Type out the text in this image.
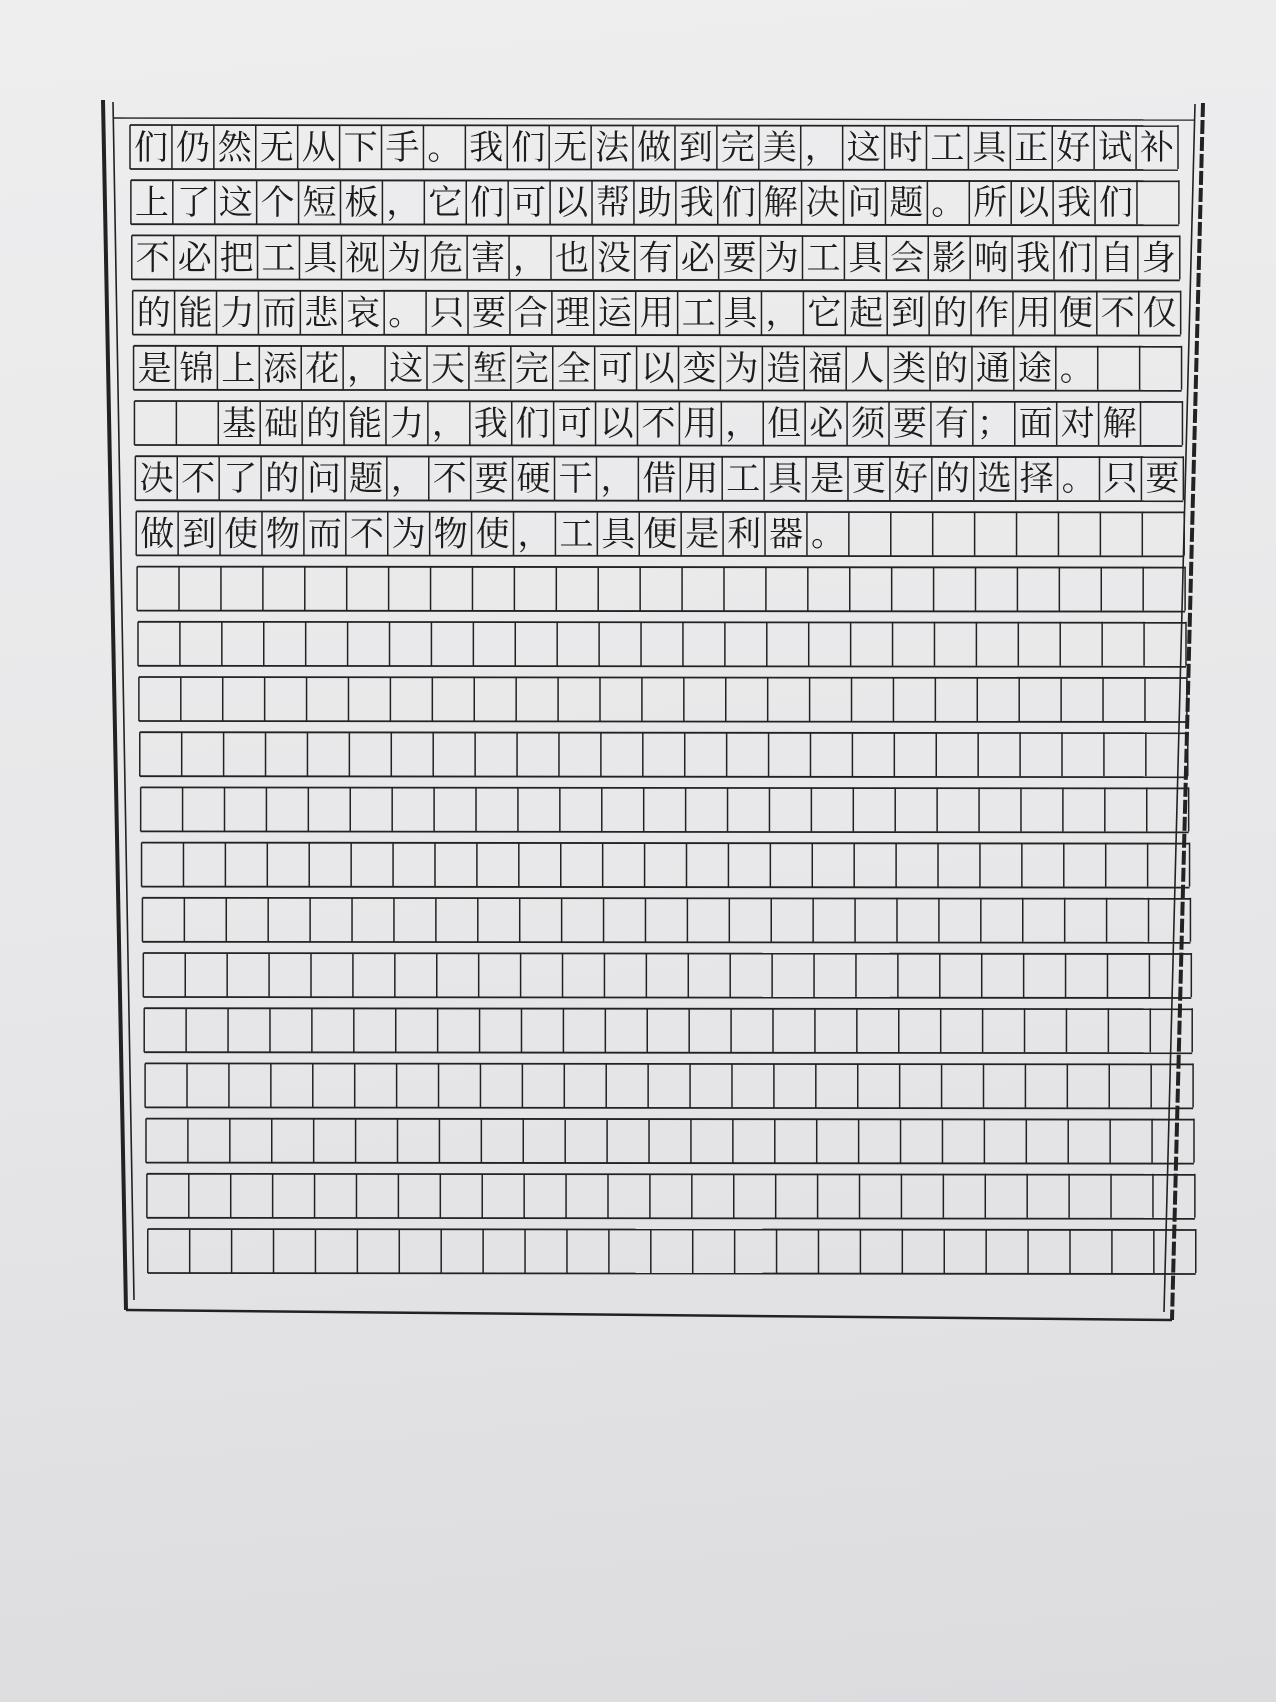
们仍然无从下手。我们无法做到完美，这时工具正好试补
上了这个短板，它们可以帮助我们解决问题。所以我们
不必把工具视为危害，也没有必要为工具会影响我们自身
的能力而悲哀。只要合理运用工具，它起到的作用便不仅
是锦上添花，这天堑完全可以变为造福人类的通途。
　　基础的能力，我们可以不用，但必须要有；面对解
决不了的问题，不要硬干，借用工具是更好的选择。只要
做到使物而不为物使，工具便是利器。
